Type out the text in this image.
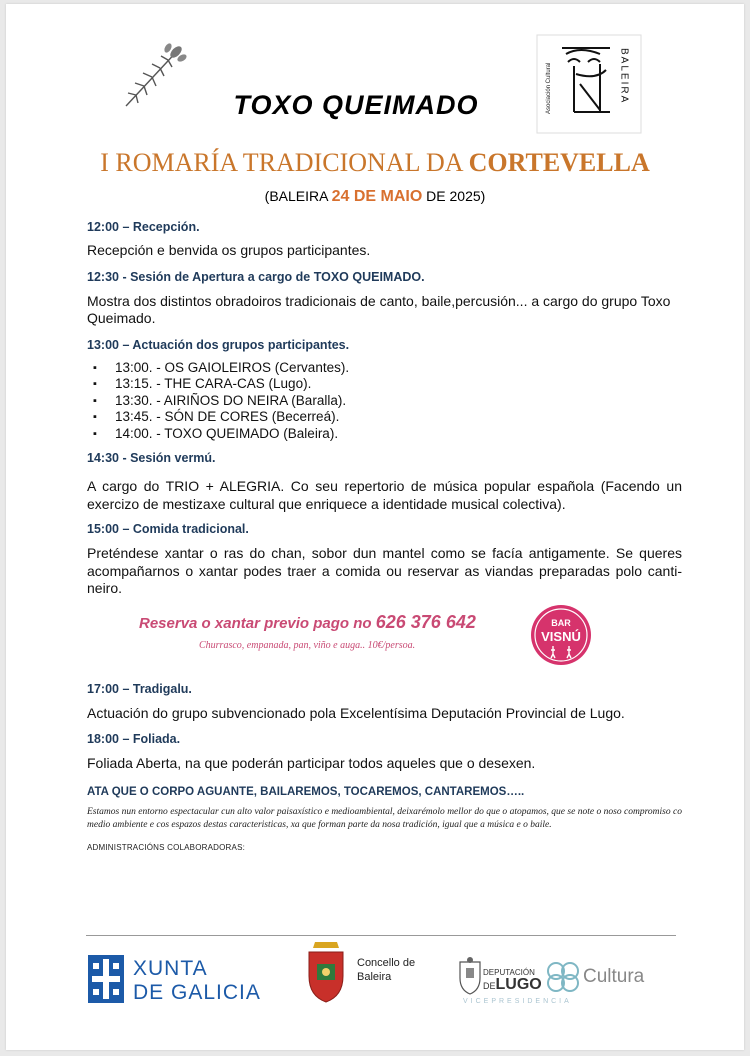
Asociación Cultural	BALEIRA
TOXO QUEIMADO
I ROMARÍA TRADICIONAL DA CORTEVELLA
(BALEIRA 24 DE MAIO DE 2025)

12:00 – Recepción.

Recepción e benvida os grupos participantes.

12:30 - Sesión de Apertura a cargo de TOXO QUEIMADO.

Mostra dos distintos obradoiros tradicionais de canto, baile,percusión... a cargo do grupo Toxo Queimado.

13:00 – Actuación dos grupos participantes.

▪ 13:00. - OS GAIOLEIROS (Cervantes).
▪ 13:15. - THE CARA-CAS (Lugo).
▪ 13:30. - AIRIÑOS DO NEIRA (Baralla).
▪ 13:45. - SÓN DE CORES (Becerreá).
▪ 14:00. - TOXO QUEIMADO (Baleira).

14:30 - Sesión vermú.

A cargo do TRIO + ALEGRIA. Co seu repertorio de música popular española (Facendo un exercizo de mestizaxe cultural que enriquece a identidade musical colectiva).

15:00 – Comida tradicional.

Preténdese xantar o ras do chan, sobor dun mantel como se facía antigamente. Se queres acompañarnos o xantar podes traer a comida ou reservar as viandas preparadas polo canti-neiro.

Reserva o xantar previo pago no 626 376 642
Churrasco, empanada, pan, viño e auga.. 10€/persoa.
BAR
VISNÚ

17:00 – Tradigalu.

Actuación do grupo subvencionado pola Excelentísima Deputación Provincial de Lugo.

18:00 – Foliada.

Foliada Aberta, na que poderán participar todos aqueles que o desexen.

ATA QUE O CORPO AGUANTE, BAILAREMOS, TOCAREMOS, CANTAREMOS…..

Estamos nun entorno espectacular cun alto valor paisaxístico e medioambiental, deixarémolo mellor do que o atopamos, que se note o noso compromiso co medio ambiente e cos espazos destas caracteristicas, xa que forman parte da nosa tradición, igual que a música e o baile.

ADMINISTRACIÓNS COLABORADORAS:

XUNTA
DE GALICIA
Concello de
Baleira	DEPUTACIÓN
DELUGO Cultura
VICEPRESIDENCIA
